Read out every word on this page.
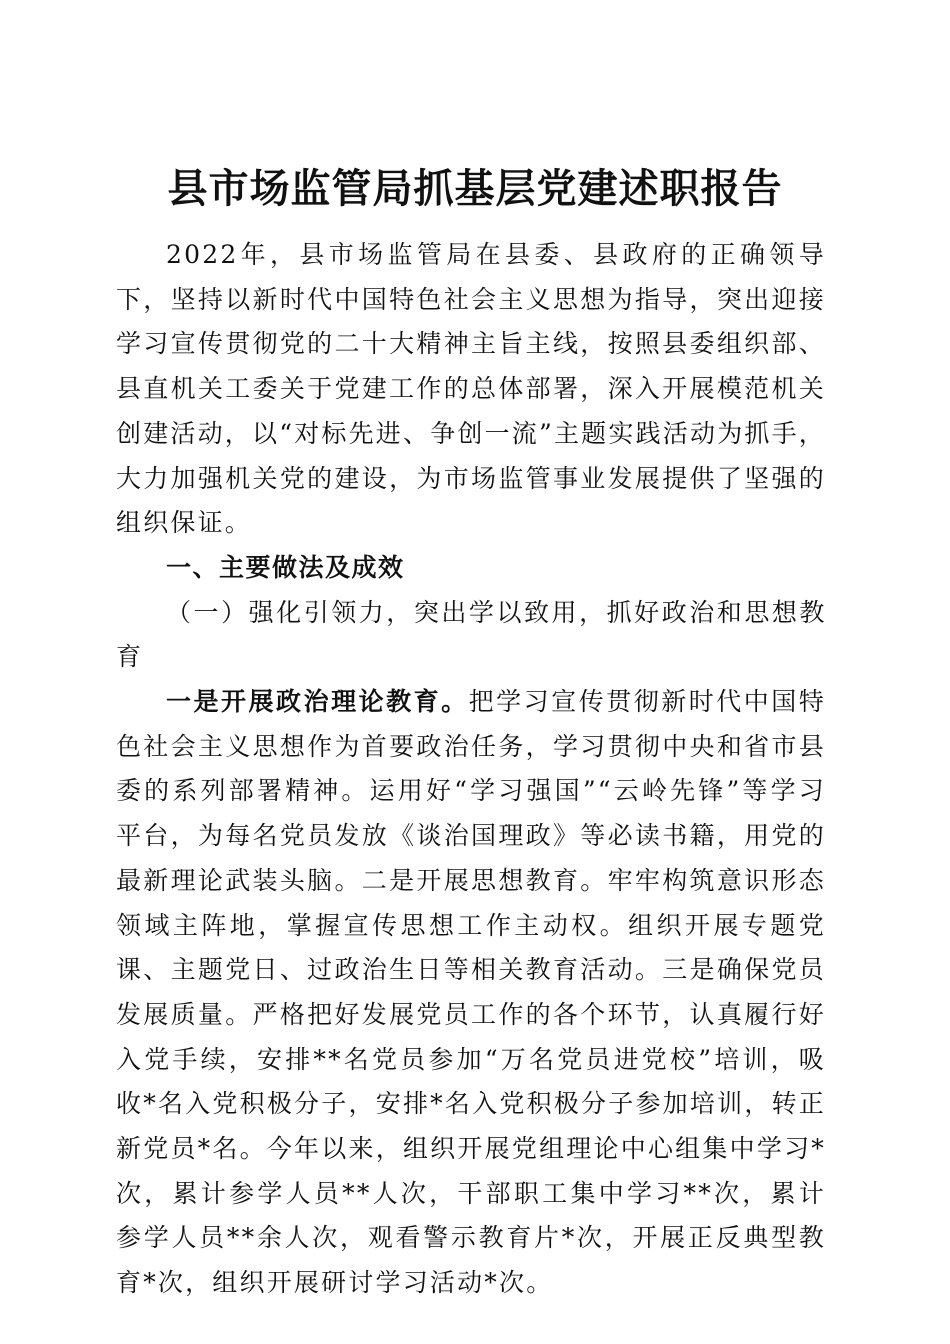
县市场监管局抓基层党建述职报告

2022年，县市场监管局在县委、县政府的正确领导下，坚持以新时代中国特色社会主义思想为指导，突出迎接学习宣传贯彻党的二十大精神主旨主线，按照县委组织部、县直机关工委关于党建工作的总体部署，深入开展模范机关创建活动，以“对标先进、争创一流”主题实践活动为抓手，大力加强机关党的建设，为市场监管事业发展提供了坚强的组织保证。

一、主要做法及成效

（一）强化引领力，突出学以致用，抓好政治和思想教育

一是开展政治理论教育。把学习宣传贯彻新时代中国特色社会主义思想作为首要政治任务，学习贯彻中央和省市县委的系列部署精神。运用好“学习强国”“云岭先锋”等学习平台，为每名党员发放《谈治国理政》等必读书籍，用党的最新理论武装头脑。二是开展思想教育。牢牢构筑意识形态领域主阵地，掌握宣传思想工作主动权。组织开展专题党课、主题党日、过政治生日等相关教育活动。三是确保党员发展质量。严格把好发展党员工作的各个环节，认真履行好入党手续，安排**名党员参加“万名党员进党校”培训，吸收*名入党积极分子，安排*名入党积极分子参加培训，转正新党员*名。今年以来，组织开展党组理论中心组集中学习*次，累计参学人员**人次，干部职工集中学习**次，累计参学人员**余人次，观看警示教育片*次，开展正反典型教育*次，组织开展研讨学习活动*次。
